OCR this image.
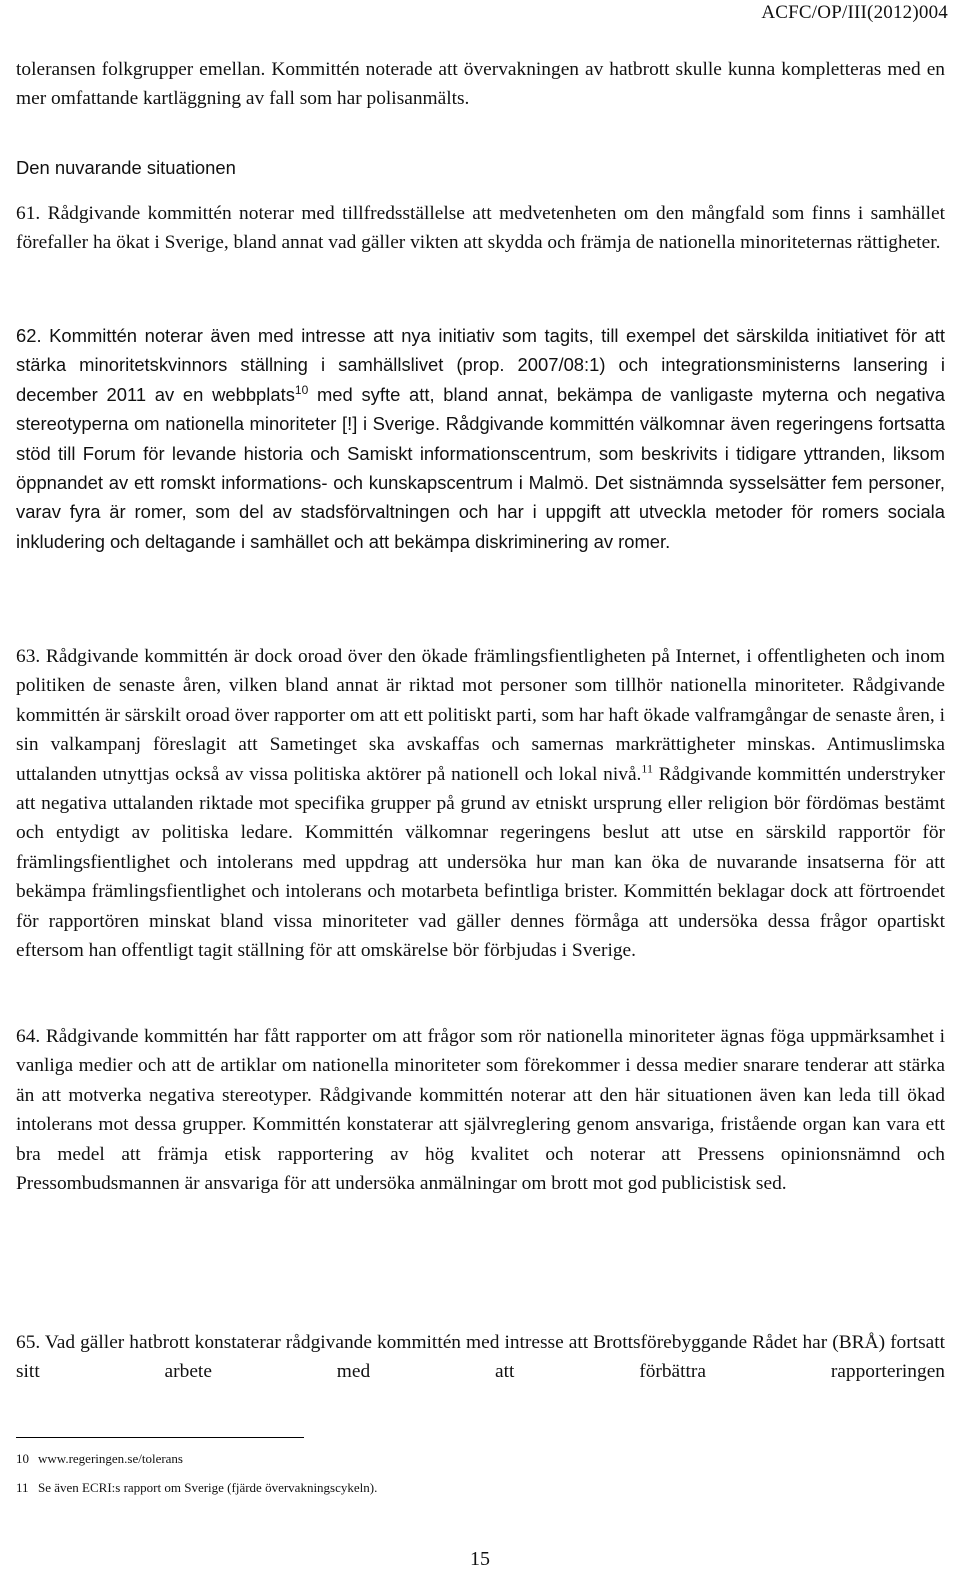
ACFC/OP/III(2012)004

toleransen folkgrupper emellan. Kommittén noterade att övervakningen av hatbrott skulle kunna kompletteras med en mer omfattande kartläggning av fall som har polisanmälts.

Den nuvarande situationen

61. Rådgivande kommittén noterar med tillfredsställelse att medvetenheten om den mångfald som finns i samhället förefaller ha ökat i Sverige, bland annat vad gäller vikten att skydda och främja de nationella minoriteternas rättigheter.

62. Kommittén noterar även med intresse att nya initiativ som tagits, till exempel det särskilda initiativet för att stärka minoritetskvinnors ställning i samhällslivet (prop. 2007/08:1) och integrationsministerns lansering i december 2011 av en webbplats$^{10}$ med syfte att, bland annat, bekämpa de vanligaste myterna och negativa stereotyperna om nationella minoriteter [!] i Sverige. Rådgivande kommittén välkomnar även regeringens fortsatta stöd till Forum för levande historia och Samiskt informationscentrum, som beskrivits i tidigare yttranden, liksom öppnandet av ett romskt informations- och kunskapscentrum i Malmö. Det sistnämnda sysselsätter fem personer, varav fyra är romer, som del av stadsförvaltningen och har i uppgift att utveckla metoder för romers sociala inkludering och deltagande i samhället och att bekämpa diskriminering av romer.

63. Rådgivande kommittén är dock oroad över den ökade främlingsfientligheten på Internet, i offentligheten och inom politiken de senaste åren, vilken bland annat är riktad mot personer som tillhör nationella minoriteter. Rådgivande kommittén är särskilt oroad över rapporter om att ett politiskt parti, som har haft ökade valframgångar de senaste åren, i sin valkampanj föreslagit att Sametinget ska avskaffas och samernas markrättigheter minskas. Antimuslimska uttalanden utnyttjas också av vissa politiska aktörer på nationell och lokal nivå.$^{11}$ Rådgivande kommittén understryker att negativa uttalanden riktade mot specifika grupper på grund av etniskt ursprung eller religion bör fördömas bestämt och entydigt av politiska ledare. Kommittén välkomnar regeringens beslut att utse en särskild rapportör för främlingsfientlighet och intolerans med uppdrag att undersöka hur man kan öka de nuvarande insatserna för att bekämpa främlingsfientlighet och intolerans och motarbeta befintliga brister. Kommittén beklagar dock att förtroendet för rapportören minskat bland vissa minoriteter vad gäller dennes förmåga att undersöka dessa frågor opartiskt eftersom han offentligt tagit ställning för att omskärelse bör förbjudas i Sverige.

64. Rådgivande kommittén har fått rapporter om att frågor som rör nationella minoriteter ägnas föga uppmärksamhet i vanliga medier och att de artiklar om nationella minoriteter som förekommer i dessa medier snarare tenderar att stärka än att motverka negativa stereotyper. Rådgivande kommittén noterar att den här situationen även kan leda till ökad intolerans mot dessa grupper. Kommittén konstaterar att självreglering genom ansvariga, fristående organ kan vara ett bra medel att främja etisk rapportering av hög kvalitet och noterar att Pressens opinionsnämnd och Pressombudsmannen är ansvariga för att undersöka anmälningar om brott mot god publicistisk sed.

65. Vad gäller hatbrott konstaterar rådgivande kommittén med intresse att Brottsförebyggande Rådet har (BRÅ) fortsatt sitt arbete med att förbättra rapporteringen

10 www.regeringen.se/tolerans
11 Se även ECRI:s rapport om Sverige (fjärde övervakningscykeln).
15
